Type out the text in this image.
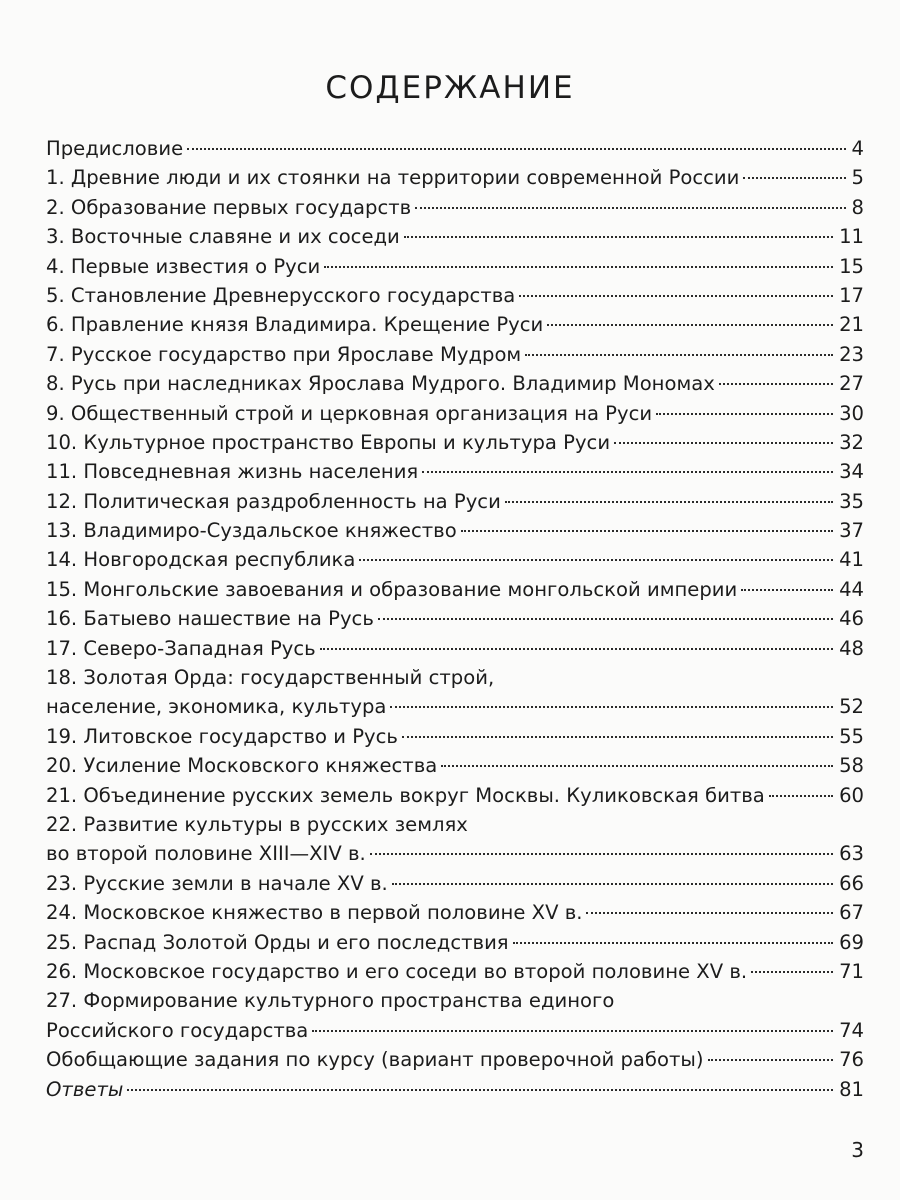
СОДЕРЖАНИЕ
Предисловие	4
1. Древние люди и их стоянки на территории современной России	5
2. Образование первых государств	8
3. Восточные славяне и их соседи	11
4. Первые известия о Руси	15
5. Становление Древнерусского государства	17
6. Правление князя Владимира. Крещение Руси	21
7. Русское государство при Ярославе Мудром	23
8. Русь при наследниках Ярослава Мудрого. Владимир Мономах	27
9. Общественный строй и церковная организация на Руси	30
10. Культурное пространство Европы и культура Руси	32
11. Повседневная жизнь населения	34
12. Политическая раздробленность на Руси	35
13. Владимиро-Суздальское княжество	37
14. Новгородская республика	41
15. Монгольские завоевания и образование монгольской империи	44
16. Батыево нашествие на Русь	46
17. Северо-Западная Русь	48
18. Золотая Орда: государственный строй,
население, экономика, культура	52
19. Литовское государство и Русь	55
20. Усиление Московского княжества	58
21. Объединение русских земель вокруг Москвы. Куликовская битва	60
22. Развитие культуры в русских землях
во второй половине XIII—XIV в.	63
23. Русские земли в начале XV в.	66
24. Московское княжество в первой половине XV в.	67
25. Распад Золотой Орды и его последствия	69
26. Московское государство и его соседи во второй половине XV в.	71
27. Формирование культурного пространства единого
Российского государства	74
Обобщающие задания по курсу (вариант проверочной работы)	76
Ответы	81
3
